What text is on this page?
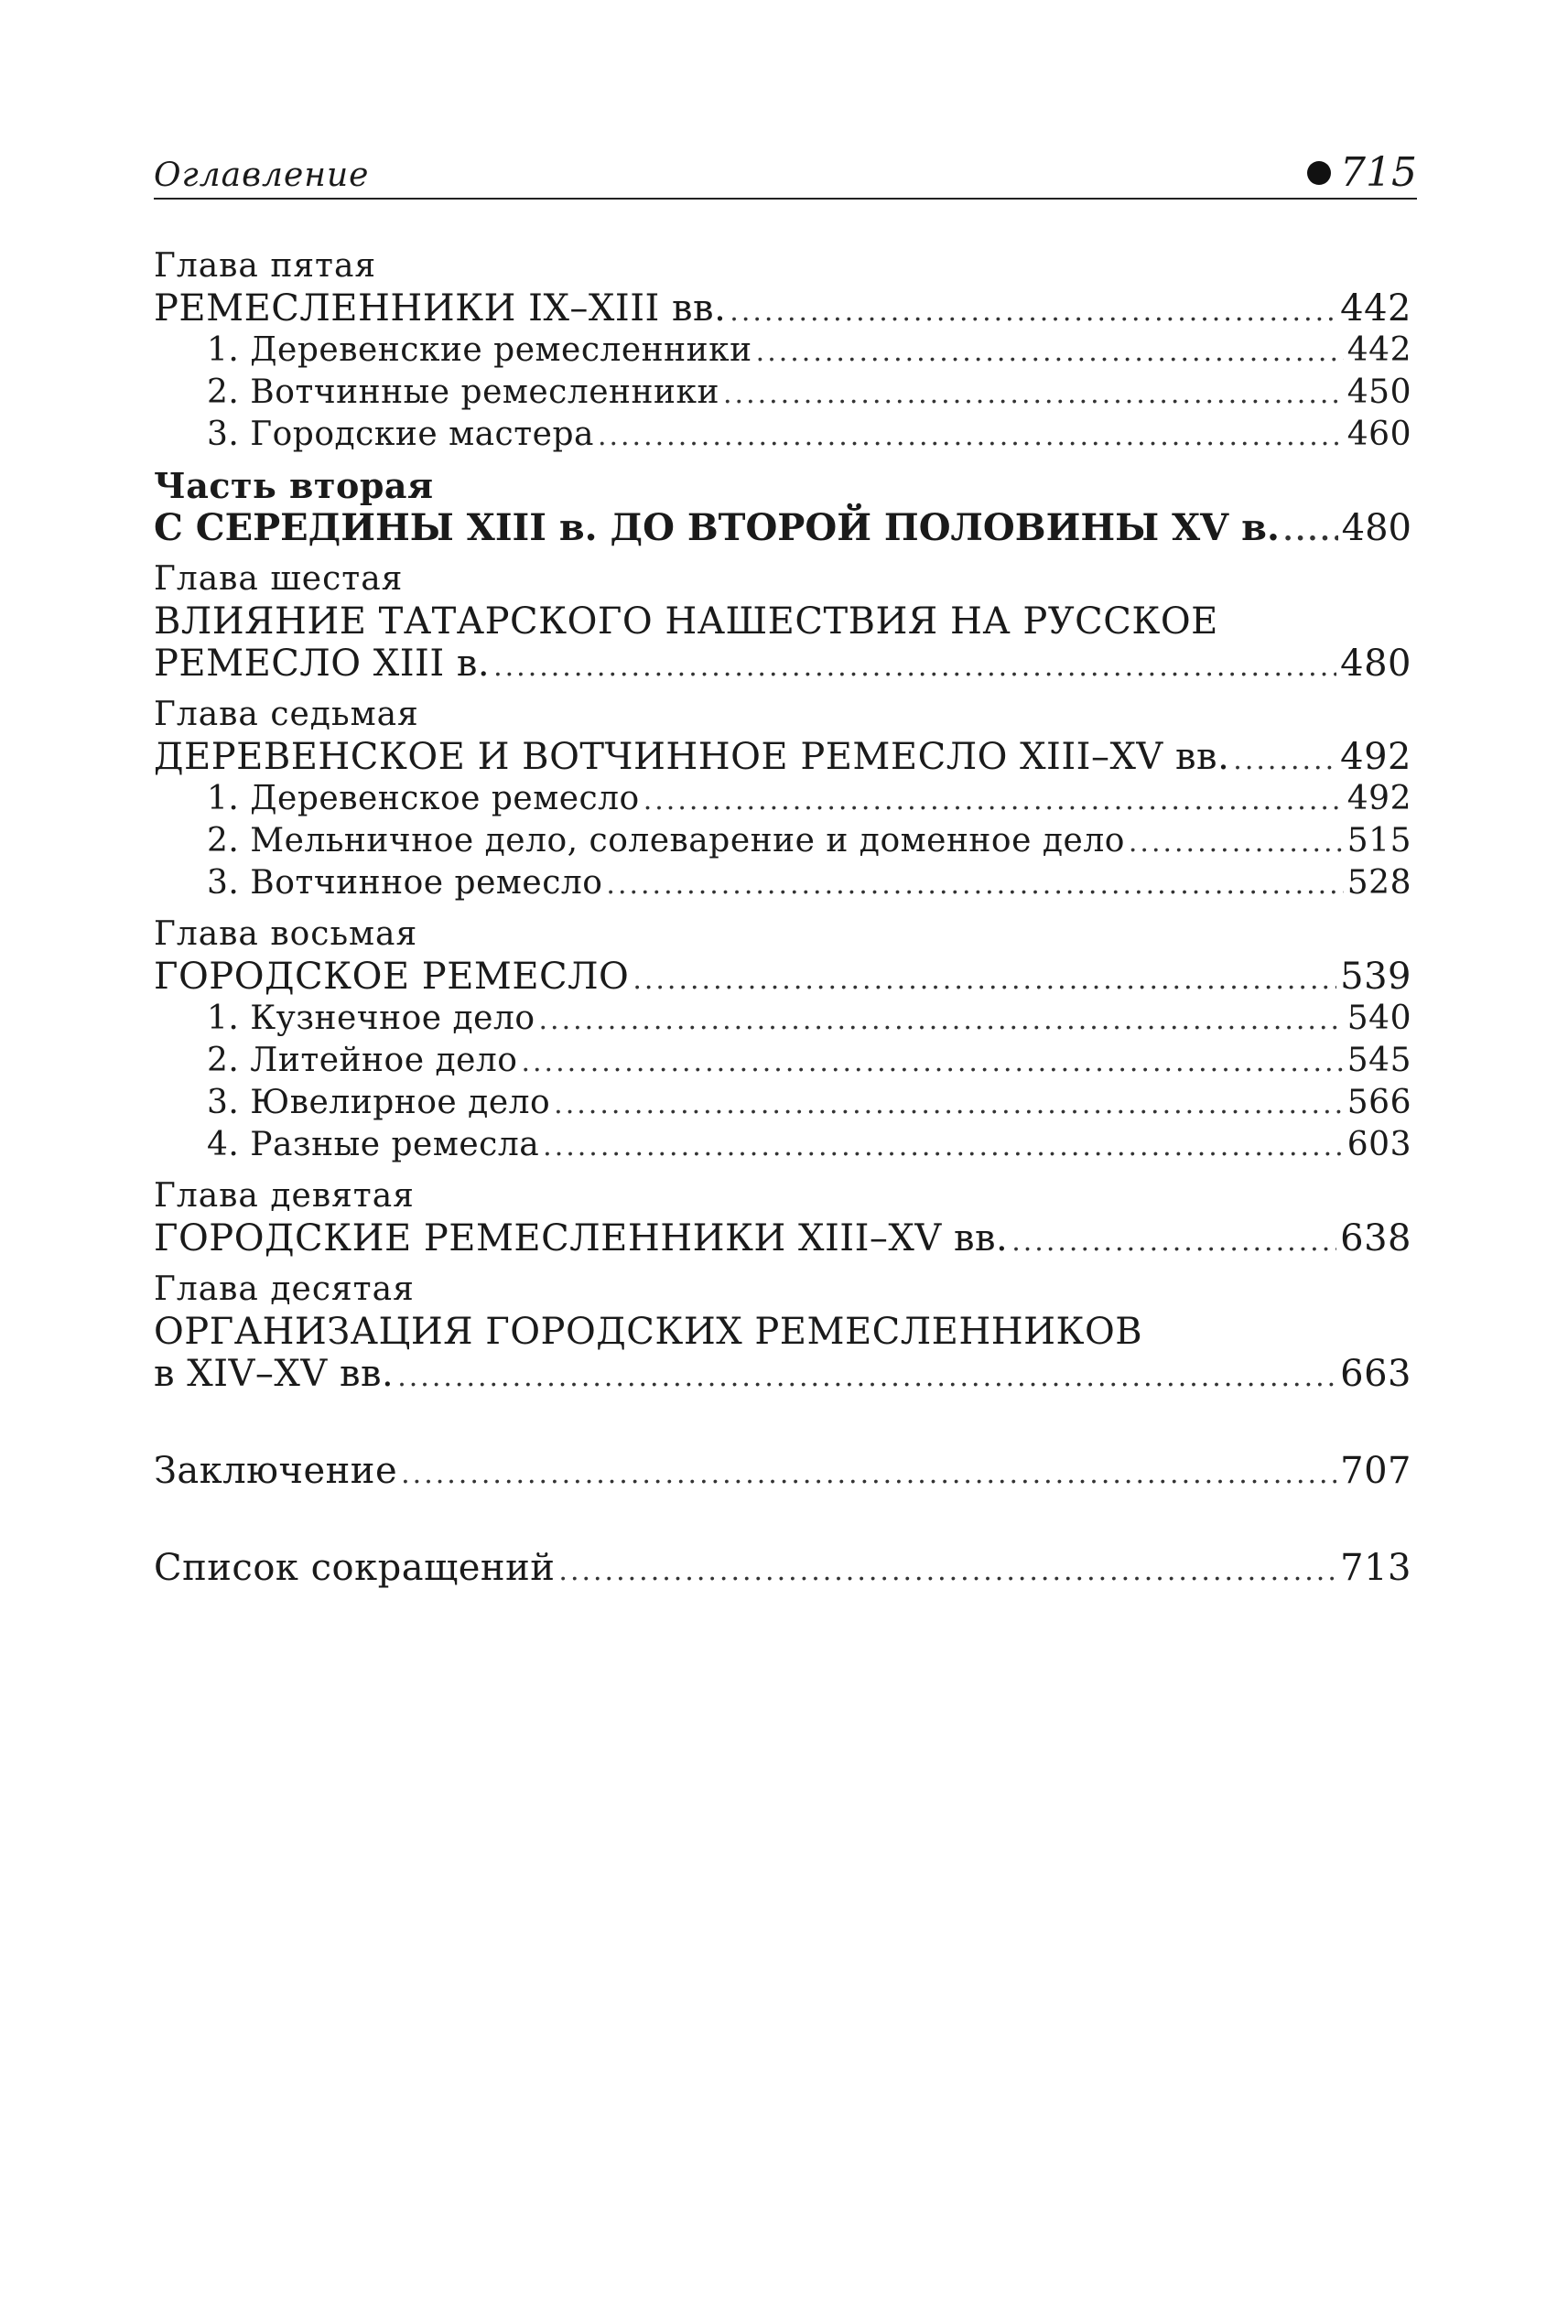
Оглавление	715
Глава пятая
РЕМЕСЛЕННИКИ IX–XIII вв. .....	442
1. Деревенские ремесленники .....	442
2. Вотчинные ремесленники .....	450
3. Городские мастера .....	460
Часть вторая
С СЕРЕДИНЫ XIII в. ДО ВТОРОЙ ПОЛОВИНЫ XV в. ..... 480
Глава шестая
ВЛИЯНИЕ ТАТАРСКОГО НАШЕСТВИЯ НА РУССКОЕ
РЕМЕСЛО XIII в. .....	480
Глава седьмая
ДЕРЕВЕНСКОЕ И ВОТЧИННОЕ РЕМЕСЛО XIII–XV вв. .....	492
1. Деревенское ремесло .....	492
2. Мельничное дело, солеварение и доменное дело .....	515
3. Вотчинное ремесло .....	528
Глава восьмая
ГОРОДСКОЕ РЕМЕСЛО .....	539
1. Кузнечное дело .....	540
2. Литейное дело .....	545
3. Ювелирное дело .....	566
4. Разные ремесла .....	603
Глава девятая
ГОРОДСКИЕ РЕМЕСЛЕННИКИ XIII–XV вв. .....	638
Глава десятая
ОРГАНИЗАЦИЯ ГОРОДСКИХ РЕМЕСЛЕННИКОВ
в XIV–XV вв. .....	663
Заключение .....	707
Список сокращений .....	713
